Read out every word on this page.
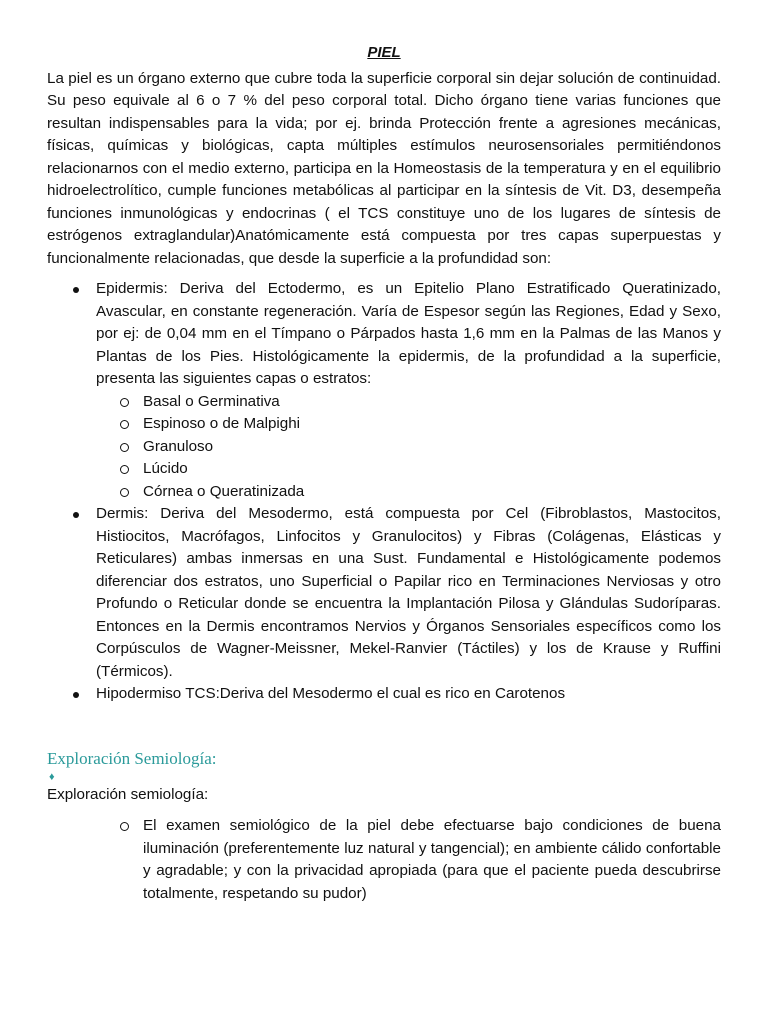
PIEL

La piel es un órgano externo que cubre toda la superficie corporal sin dejar solución de continuidad. Su peso equivale al 6 o 7 % del peso corporal total. Dicho órgano tiene varias funciones que resultan indispensables para la vida; por ej. brinda Protección frente a agresiones mecánicas, físicas, químicas y biológicas, capta múltiples estímulos neurosensoriales permitiéndonos relacionarnos con el medio externo, participa en la Homeostasis de la temperatura y en el equilibrio hidroelectrolítico, cumple funciones metabólicas al participar en la síntesis de Vit. D3, desempeña funciones inmunológicas y endocrinas ( el TCS constituye uno de los lugares de síntesis de estrógenos extraglandular)Anatómicamente está compuesta por tres capas superpuestas y funcionalmente relacionadas, que desde la superficie a la profundidad son:

Epidermis: Deriva del Ectodermo, es un Epitelio Plano Estratificado Queratinizado, Avascular, en constante regeneración. Varía de Espesor según las Regiones, Edad y Sexo, por ej: de 0,04 mm en el Tímpano o Párpados hasta 1,6 mm en la Palmas de las Manos y Plantas de los Pies. Histológicamente la epidermis, de la profundidad a la superficie, presenta las siguientes capas o estratos:
Basal o Germinativa
Espinoso o de Malpighi
Granuloso
Lúcido
Córnea o Queratinizada
Dermis: Deriva del Mesodermo, está compuesta por Cel (Fibroblastos, Mastocitos, Histiocitos, Macrófagos, Linfocitos y Granulocitos) y Fibras (Colágenas, Elásticas y Reticulares) ambas inmersas en una Sust. Fundamental e Histológicamente podemos diferenciar dos estratos, uno Superficial o Papilar rico en Terminaciones Nerviosas y otro Profundo o Reticular donde se encuentra la Implantación Pilosa y Glándulas Sudoríparas. Entonces en la Dermis encontramos Nervios y Órganos Sensoriales específicos como los Corpúsculos de Wagner-Meissner, Mekel-Ranvier (Táctiles) y los de Krause y Ruffini (Térmicos).
Hipodermiso TCS:Deriva del Mesodermo el cual es rico en Carotenos

Exploración Semiología:

♦

Exploración semiología:

El examen semiológico de la piel debe efectuarse bajo condiciones de buena iluminación (preferentemente luz natural y tangencial); en ambiente cálido confortable y agradable; y con la privacidad apropiada (para que el paciente pueda descubrirse totalmente, respetando su pudor)
